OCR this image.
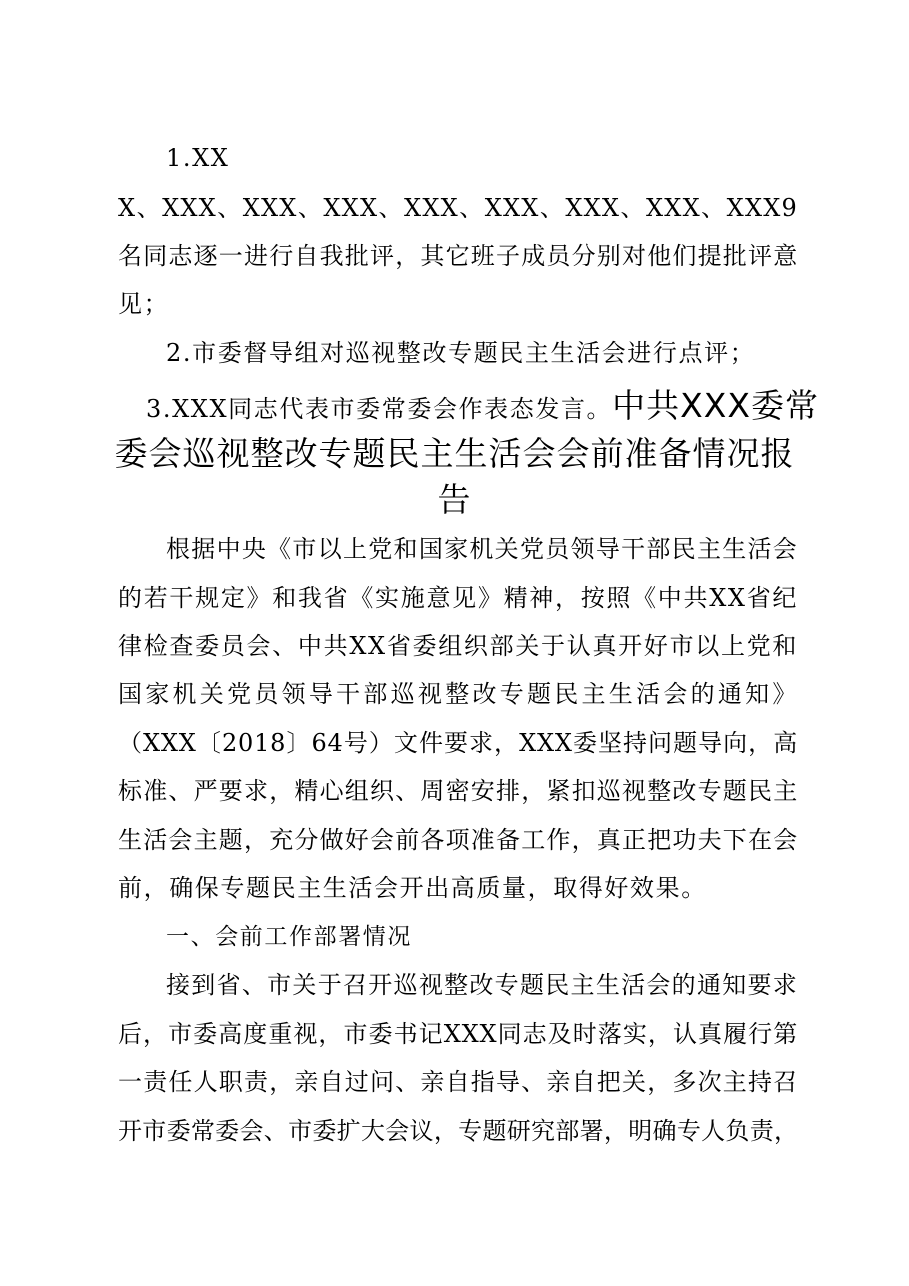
1.XX
X、XXX、XXX、XXX、XXX、XXX、XXX、XXX、XXX9
名同志逐一进行自我批评，其它班子成员分别对他们提批评意
见；
2.市委督导组对巡视整改专题民主生活会进行点评；
3.XXX同志代表市委常委会作表态发言。中共XXX委常
委会巡视整改专题民主生活会会前准备情况报
告
根据中央《市以上党和国家机关党员领导干部民主生活会
的若干规定》和我省《实施意见》精神，按照《中共XX省纪
律检查委员会、中共XX省委组织部关于认真开好市以上党和
国家机关党员领导干部巡视整改专题民主生活会的通知》
（XXX〔2018〕64号）文件要求，XXX委坚持问题导向，高
标准、严要求，精心组织、周密安排，紧扣巡视整改专题民主
生活会主题，充分做好会前各项准备工作，真正把功夫下在会
前，确保专题民主生活会开出高质量，取得好效果。
一、会前工作部署情况
接到省、市关于召开巡视整改专题民主生活会的通知要求
后，市委高度重视，市委书记XXX同志及时落实，认真履行第
一责任人职责，亲自过问、亲自指导、亲自把关，多次主持召
开市委常委会、市委扩大会议，专题研究部署，明确专人负责，
